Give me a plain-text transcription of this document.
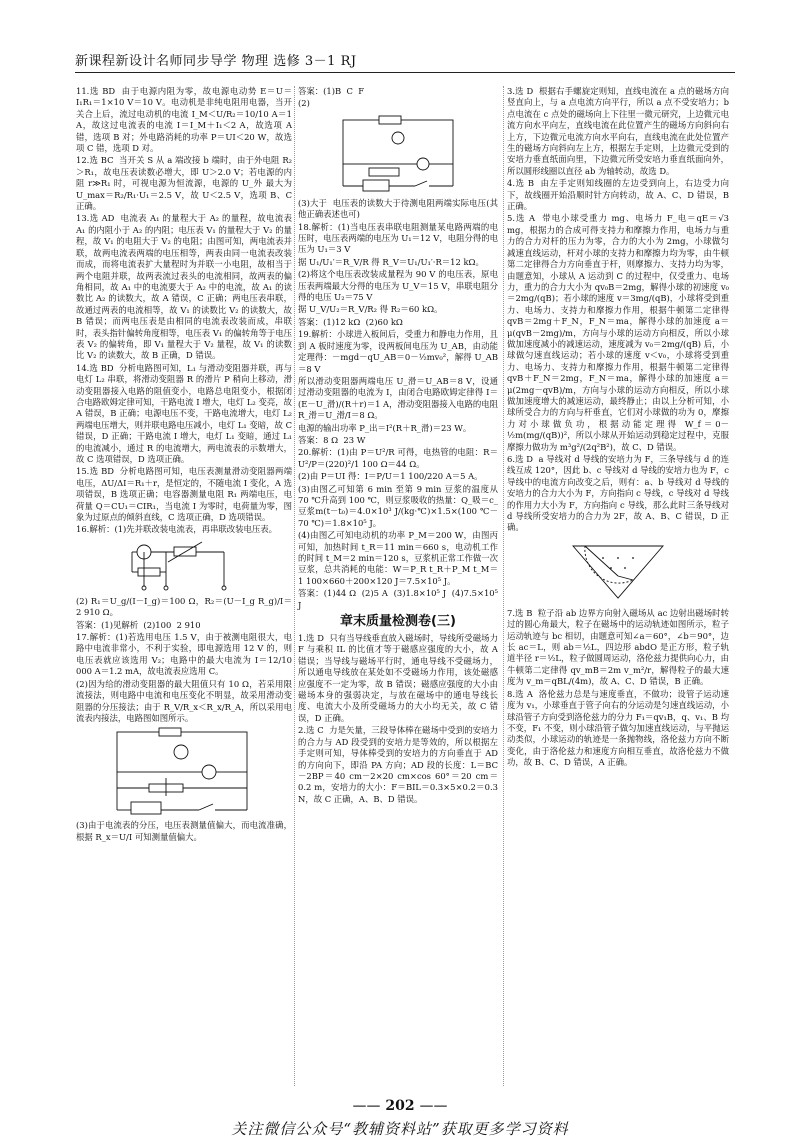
新课程新设计名师同步导学 物理 选修 3－1 RJ

11.选 BD  由于电源内阻为零，故电源电动势 E＝U＝I₁R₁＝1×10 V＝10 V。电动机是非纯电阻用电器，当开关合上后，流过电动机的电流 I_M＜U/R₂＝10/10 A＝1 A，故这过电流表的电流 I＝I_M＋I₁＜2 A，故选项 A 错，选项 B 对；外电路消耗的功率 P＝UI＜20 W，故选项 C 错，选项 D 对。

12.选 BC  当开关 S 从 a 端改接 b 端时，由于外电阻 R₂＞R₁，故电压表读数必增大，即 U＞2.0 V；若电源的内阻 r≫R₁ 时，可视电源为恒流源，电源的 U_外 最大为 U_max＝R₂/R₁·U₁＝2.5 V，故 U＜2.5 V，选项 B、C 正确。

13.选 AD  电流表 A₁ 的量程大于 A₂ 的量程，故电流表 A₁ 的内阻小于 A₂ 的内阻；电压表 V₁ 的量程大于 V₂ 的量程，故 V₁ 的电阻大于 V₂ 的电阻；由图可知，两电流表并联，故两电流表两端的电压相等，两表由同一电流表改装而成，而将电流表扩大量程时为并联一小电阻，故相当于两个电阻并联，故两表流过表头的电流相同，故两表的偏角相同，故 A₁ 中的电流要大于 A₂ 中的电流，故 A₁ 的读数比 A₂ 的读数大，故 A 错误，C 正确；两电压表串联，故通过两表的电流相等，故 V₁ 的读数比 V₂ 的读数大，故 B 错误；而两电压表是由相同的电流表改装而成，串联时，表头指针偏转角度相等，电压表 V₁ 的偏转角等于电压表 V₂ 的偏转角，即 V₁ 量程大于 V₂ 量程，故 V₁ 的读数比 V₂ 的读数大，故 B 正确，D 错误。

14.选 BD  分析电路图可知，L₁ 与滑动变阻器并联，再与电灯 L₂ 串联，将滑动变阻器 R 的滑片 P 稍向上移动，滑动变阻器接入电路的阻值变小，电路总电阻变小，根据闭合电路欧姆定律可知，干路电流 I 增大，电灯 L₂ 变亮，故 A 错误，B 正确；电源电压不变，干路电流增大，电灯 L₂ 两端电压增大，则并联电路电压减小，电灯 L₁ 变暗，故 C 错误，D 正确；干路电流 I 增大，电灯 L₁ 变暗，通过 L₁ 的电流减小，通过 R 的电流增大，两电流表的示数增大，故 C 选项错误，D 选项正确。

15.选 BD  分析电路图可知，电压表测量滑动变阻器两端电压，ΔU/ΔI＝R₁＋r，是恒定的，不随电流 I 变化，A 选项错误，B 选项正确；电容器测量电阻 R₁ 两端电压，电荷量 Q＝CU₁＝CIR₁，当电流 I 为零时，电荷量为零，图象为过原点的倾斜直线，C 选项正确，D 选项错误。

16.解析：(1)先并联改装电流表，再串联改装电压表。

(2) R₁＝U_g/(I－I_g)＝100 Ω，R₂＝(U－I_g R_g)/I＝2 910 Ω。

答案：(1)见解析  (2)100  2 910

17.解析：(1)若选用电压 1.5 V，由于被测电阻很大，电路中电流非常小，不利于实验，即电源选用 12 V 的，则电压表就应该选用 V₂；电路中的最大电流为 I＝12/10 000 A＝1.2 mA，故电流表应选用 C。

(2)因为给的滑动变阻器的最大阻值只有 10 Ω，若采用限流接法，则电路中电流和电压变化不明显，故采用滑动变阻器的分压接法；由于 R_V/R_x＜R_x/R_A，所以采用电流表内接法，电路图如图所示。

(3)由于电流表的分压，电压表测量值偏大，而电流准确，根据 R_x＝U/I 可知测量值偏大。

答案：(1)B  C  F

(2)

(3)大于  电压表的读数大于待测电阻两端实际电压(其他正确表述也可)

18.解析：(1)当电压表串联电阻测量某电路两端的电压时，电压表两端的电压为 U₁＝12 V，电阻分得的电压为 U₁＝3 V

据 U₁/U₁′＝R_V/R 得 R_V＝U₁/U₁′·R＝12 kΩ。

(2)将这个电压表改装成量程为 90 V 的电压表，原电压表两端最大分得的电压为 U_V＝15 V，串联电阻分得的电压 U₂＝75 V

据 U_V/U₂＝R_V/R₂ 得 R₂＝60 kΩ。

答案：(1)12 kΩ  (2)60 kΩ

19.解析：小球进入板间后，受重力和静电力作用，且到 A 板时速度为零，设两板间电压为 U_AB，由动能定理得：－mgd－qU_AB＝0－½mv₀²，解得 U_AB＝8 V

所以滑动变阻器两端电压 U_滑＝U_AB＝8 V，设通过滑动变阻器的电流为 I，由闭合电路欧姆定律得 I＝(E－U_滑)/(R＋r)＝1 A，滑动变阻器接入电路的电阻 R_滑＝U_滑/I＝8 Ω。

电源的输出功率 P_出＝I²(R＋R_滑)＝23 W。

答案：8 Ω  23 W

20.解析：(1)由 P＝U²/R 可得，电热管的电阻：R＝U²/P＝(220)²/1 100 Ω＝44 Ω。

(2)由 P＝UI 得：I＝P/U＝1 100/220 A＝5 A。

(3)由图乙可知第 6 min 至第 9 min 豆浆的温度从 70 ℃升高到 100 ℃，则豆浆吸收的热量：Q_吸＝c_豆浆m(t－t₀)＝4.0×10³ J/(kg·℃)×1.5×(100 ℃－70 ℃)＝1.8×10⁵ J。

(4)由图乙可知电动机的功率 P_M＝200 W，由图丙可知，加热时间 t_R＝11 min＝660 s，电动机工作的时间 t_M＝2 min＝120 s，豆浆机正常工作做一次豆浆，总共消耗的电能：W＝P_R t_R＋P_M t_M＝1 100×660＋200×120 J＝7.5×10⁵ J。

答案：(1)44 Ω  (2)5 A  (3)1.8×10⁵ J  (4)7.5×10⁵ J

章末质量检测卷(三)

1.选 D  只有当导线垂直放入磁场时，导线所受磁场力 F 与乘积 IL 的比值才等于磁感应强度的大小，故 A 错误；当导线与磁场平行时，通电导线不受磁场力，所以通电导线放在某处如不受磁场力作用，该处磁感应强度不一定为零，故 B 错误；磁感应强度的大小由磁场本身的强弱决定，与放在磁场中的通电导线长度、电流大小及所受磁场力的大小均无关，故 C 错误，D 正确。

2.选 C  力是矢量，三段导体棒在磁场中受到的安培力的合力与 AD 段受到的安培力是等效的，所以根据左手定则可知，导体棒受到的安培力的方向垂直于 AD 的方向向下，即沿 PA 方向；AD 段的长度：L＝BC－2BP＝40 cm－2×20 cm×cos 60°＝20 cm＝0.2 m，安培力的大小：F＝BIL＝0.3×5×0.2＝0.3 N，故 C 正确，A、B、D 错误。

3.选 D  根据右手螺旋定则知，直线电流在 a 点的磁场方向竖直向上，与 a 点电流方向平行，所以 a 点不受安培力；b 点电流在 c 点处的磁场向上下往里一微元研究，上边微元电流方向水平向左，直线电流在此位置产生的磁场方向斜向右上方，下边微元电流方向水平向右，直线电流在此处位置产生的磁场方向斜向左上方，根据左手定则，上边微元受到的安培力垂直纸面向里，下边微元所受安培力垂直纸面向外，所以圆形线圈以直径 ab 为轴转动，故选 D。

4.选 B  由左手定则知线圈的左边受到向上，右边受力向下，故线圈开始沿顺时针方向转动，故 A、C、D 错误，B 正确。

5.选 A  带电小球受重力 mg、电场力 F_电＝qE＝√3 mg，根据力的合成可得支持力和摩擦力作用，电场力与重力的合力对杆的压力为零，合力的大小为 2mg，小球做匀减速直线运动，杆对小球的支持力和摩擦力均为零，由牛顿第二定律得合力方向垂直于杆，则摩擦力、支持力均为零，由题意知，小球从 A 运动到 C 的过程中，仅受重力、电场力，重力的合力大小为 qv₀B＝2mg，解得小球的初速度 v₀＝2mg/(qB)；若小球的速度 v＝3mg/(qB)，小球将受到重力、电场力、支持力和摩擦力作用，根据牛顿第二定律得 qvB＝2mg＋F_N，F_N＝ma，解得小球的加速度 a＝μ(qvB－2mg)/m，方向与小球的运动方向相反，所以小球做加速度减小的减速运动，速度减为 v₀＝2mg/(qB) 后，小球做匀速直线运动；若小球的速度 v＜v₀，小球将受到重力、电场力、支持力和摩擦力作用，根据牛顿第二定律得 qvB＋F_N＝2mg，F_N＝ma，解得小球的加速度 a＝μ(2mg－qvB)/m，方向与小球的运动方向相反，所以小球做加速度增大的减速运动，最终静止；由以上分析可知，小球所受合力的方向与杆垂直，它们对小球做的功为 0，摩擦力对小球做负功，根据动能定理得 W_f＝0－½m(mg/(qB))²，所以小球从开始运动到稳定过程中，克服摩擦力做功为 m³g²/(2q²B²)，故 C、D 错误。

6.选 D  a 导线对 d 导线的安培力为 F，三条导线与 d 的连线互成 120°，因此 b、c 导线对 d 导线的安培力也为 F，c 导线中的电流方向改变之后，则有：a、b 导线对 d 导线的安培力的合力大小为 F，方向指向 c 导线，c 导线对 d 导线的作用力大小为 F，方向指向 c 导线，那么此时三条导线对 d 导线所受安培力的合力为 2F，故 A、B、C 错误，D 正确。

7.选 B  粒子沿 ab 边界方向射入磁场从 ac 边射出磁场时转过的圆心角最大，粒子在磁场中的运动轨迹如图所示，粒子运动轨迹与 bc 相切，由题意可知∠a＝60°，∠b＝90°，边长 ac＝L，则 ab＝½L，四边形 abdO 是正方形，粒子轨道半径 r＝½L，粒子做圆周运动，洛伦兹力提供向心力，由牛顿第二定律得 qv_mB＝2m v_m²/r，解得粒子的最大速度为 v_m＝qBL/(4m)，故 A、C、D 错误，B 正确。

8.选 A  洛伦兹力总是与速度垂直，不做功；设管子运动速度为 v₁，小球垂直于管子向右的分运动是匀速直线运动，小球沿管子方向受到洛伦兹力的分力 F₁＝qv₁B，q、v₁、B 均不变，F₁ 不变，则小球沿管子做匀加速直线运动，与平抛运动类似，小球运动的轨迹是一条抛物线，洛伦兹力方向不断变化，由于洛伦兹力和速度方向相互垂直，故洛伦兹力不做功，故 B、C、D 错误，A 正确。

—— 202 ——
关注微信公众号“教辅资料站”获取更多学习资料
